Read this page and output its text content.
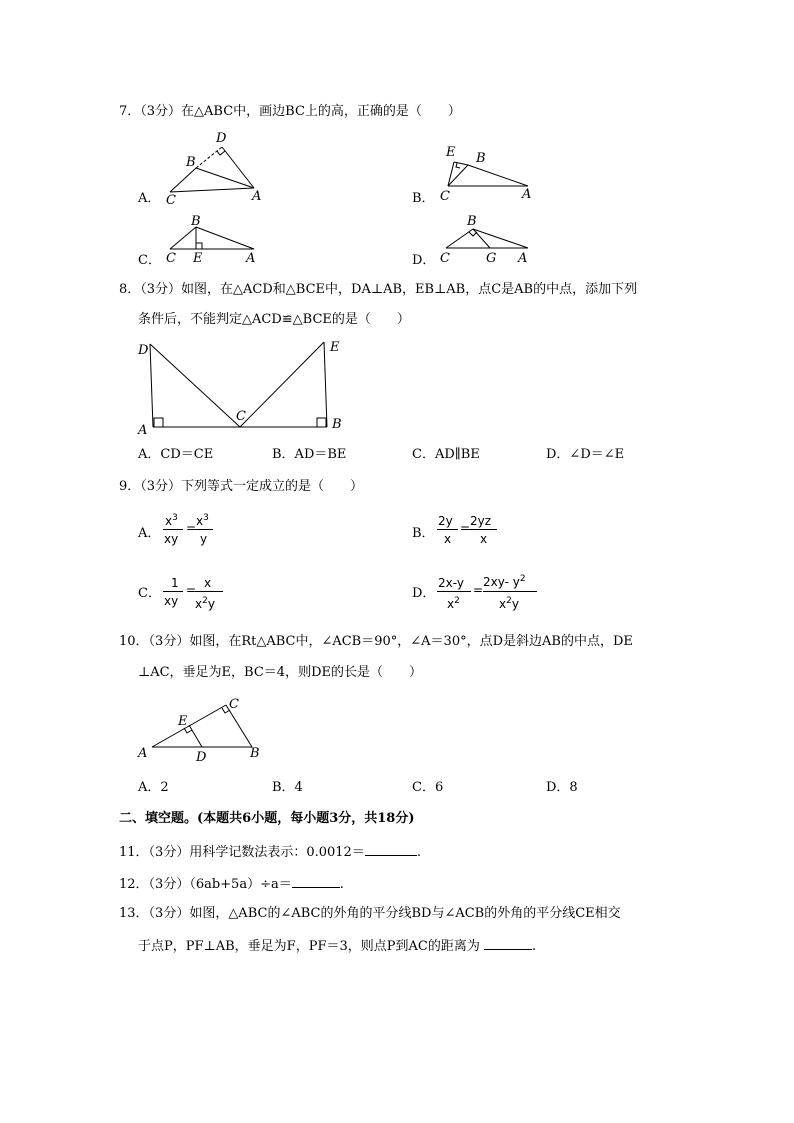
7．（3分）在△ABC中，画边BC上的高，正确的是（　　）
A．
D
B
C	A	B．
E B
C	A
C．
B
C E	A	D．
B
C	G A
8．（3分）如图，在△ACD和△BCE中，DA⊥AB，EB⊥AB，点C是AB的中点，添加下列
条件后，不能判定△ACD≌△BCE的是（　　）
D	E
A	B
C
A．CD＝CE	B．AD＝BE	C．AD∥BE	D．∠D＝∠E
9．（3分）下列等式一定成立的是（　　）
A．
$x^3$
xy
= $x^3$
y	B．
2y
x
= 2yz
x
C．
1
xy
= x
$x^2y$
D．
2x-y
$x^2$
=
2xy- $y^2$
$x^2y$
10．（3分）如图，在Rt△ABC中，∠ACB＝90°，∠A＝30°，点D是斜边AB的中点，DE
⊥AC，垂足为E，BC＝4，则DE的长是（　　）
E
C
A	D	B
A．2	B．4	C．6	D．8
二、填空题。(本题共6小题，每小题3分，共18分)
11．（3分）用科学记数法表示：0.0012＝	.
12．（3分）（6ab+5a）÷a＝	.
13．（3分）如图，△ABC的∠ABC的外角的平分线BD与∠ACB的外角的平分线CE相交
于点P，PF⊥AB，垂足为F，PF＝3，则点P到AC的距离为	.
